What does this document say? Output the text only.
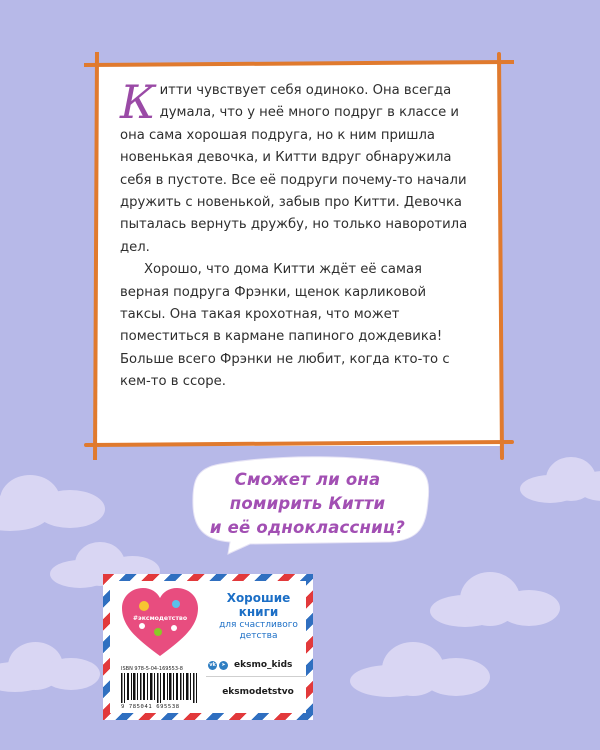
Китти чувствует себя одиноко. Она всегда думала, что у неё много подруг в классе и она сама хорошая подруга, но к ним пришла новенькая девочка, и Китти вдруг обнаружила себя в пустоте. Все её подруги почему-то начали дружить с новенькой, забыв про Китти. Девочка пыталась вернуть дружбу, но только наворотила дел.

Хорошо, что дома Китти ждёт её самая верная подруга Фрэнки, щенок карликовой таксы. Она такая крохотная, что может поместиться в кармане папиного дождевика! Больше всего Фрэнки не любит, когда кто-то с кем-то в ссоре.

Сможет ли она
помирить Китти
и её одноклассниц?
#эксмодетство
Хорошие
книги
для счастливого
детства
ISBN 978-5-04-169553-8
9 785041 695538
vk	➤ eksmo_kids
eksmodetstvo
